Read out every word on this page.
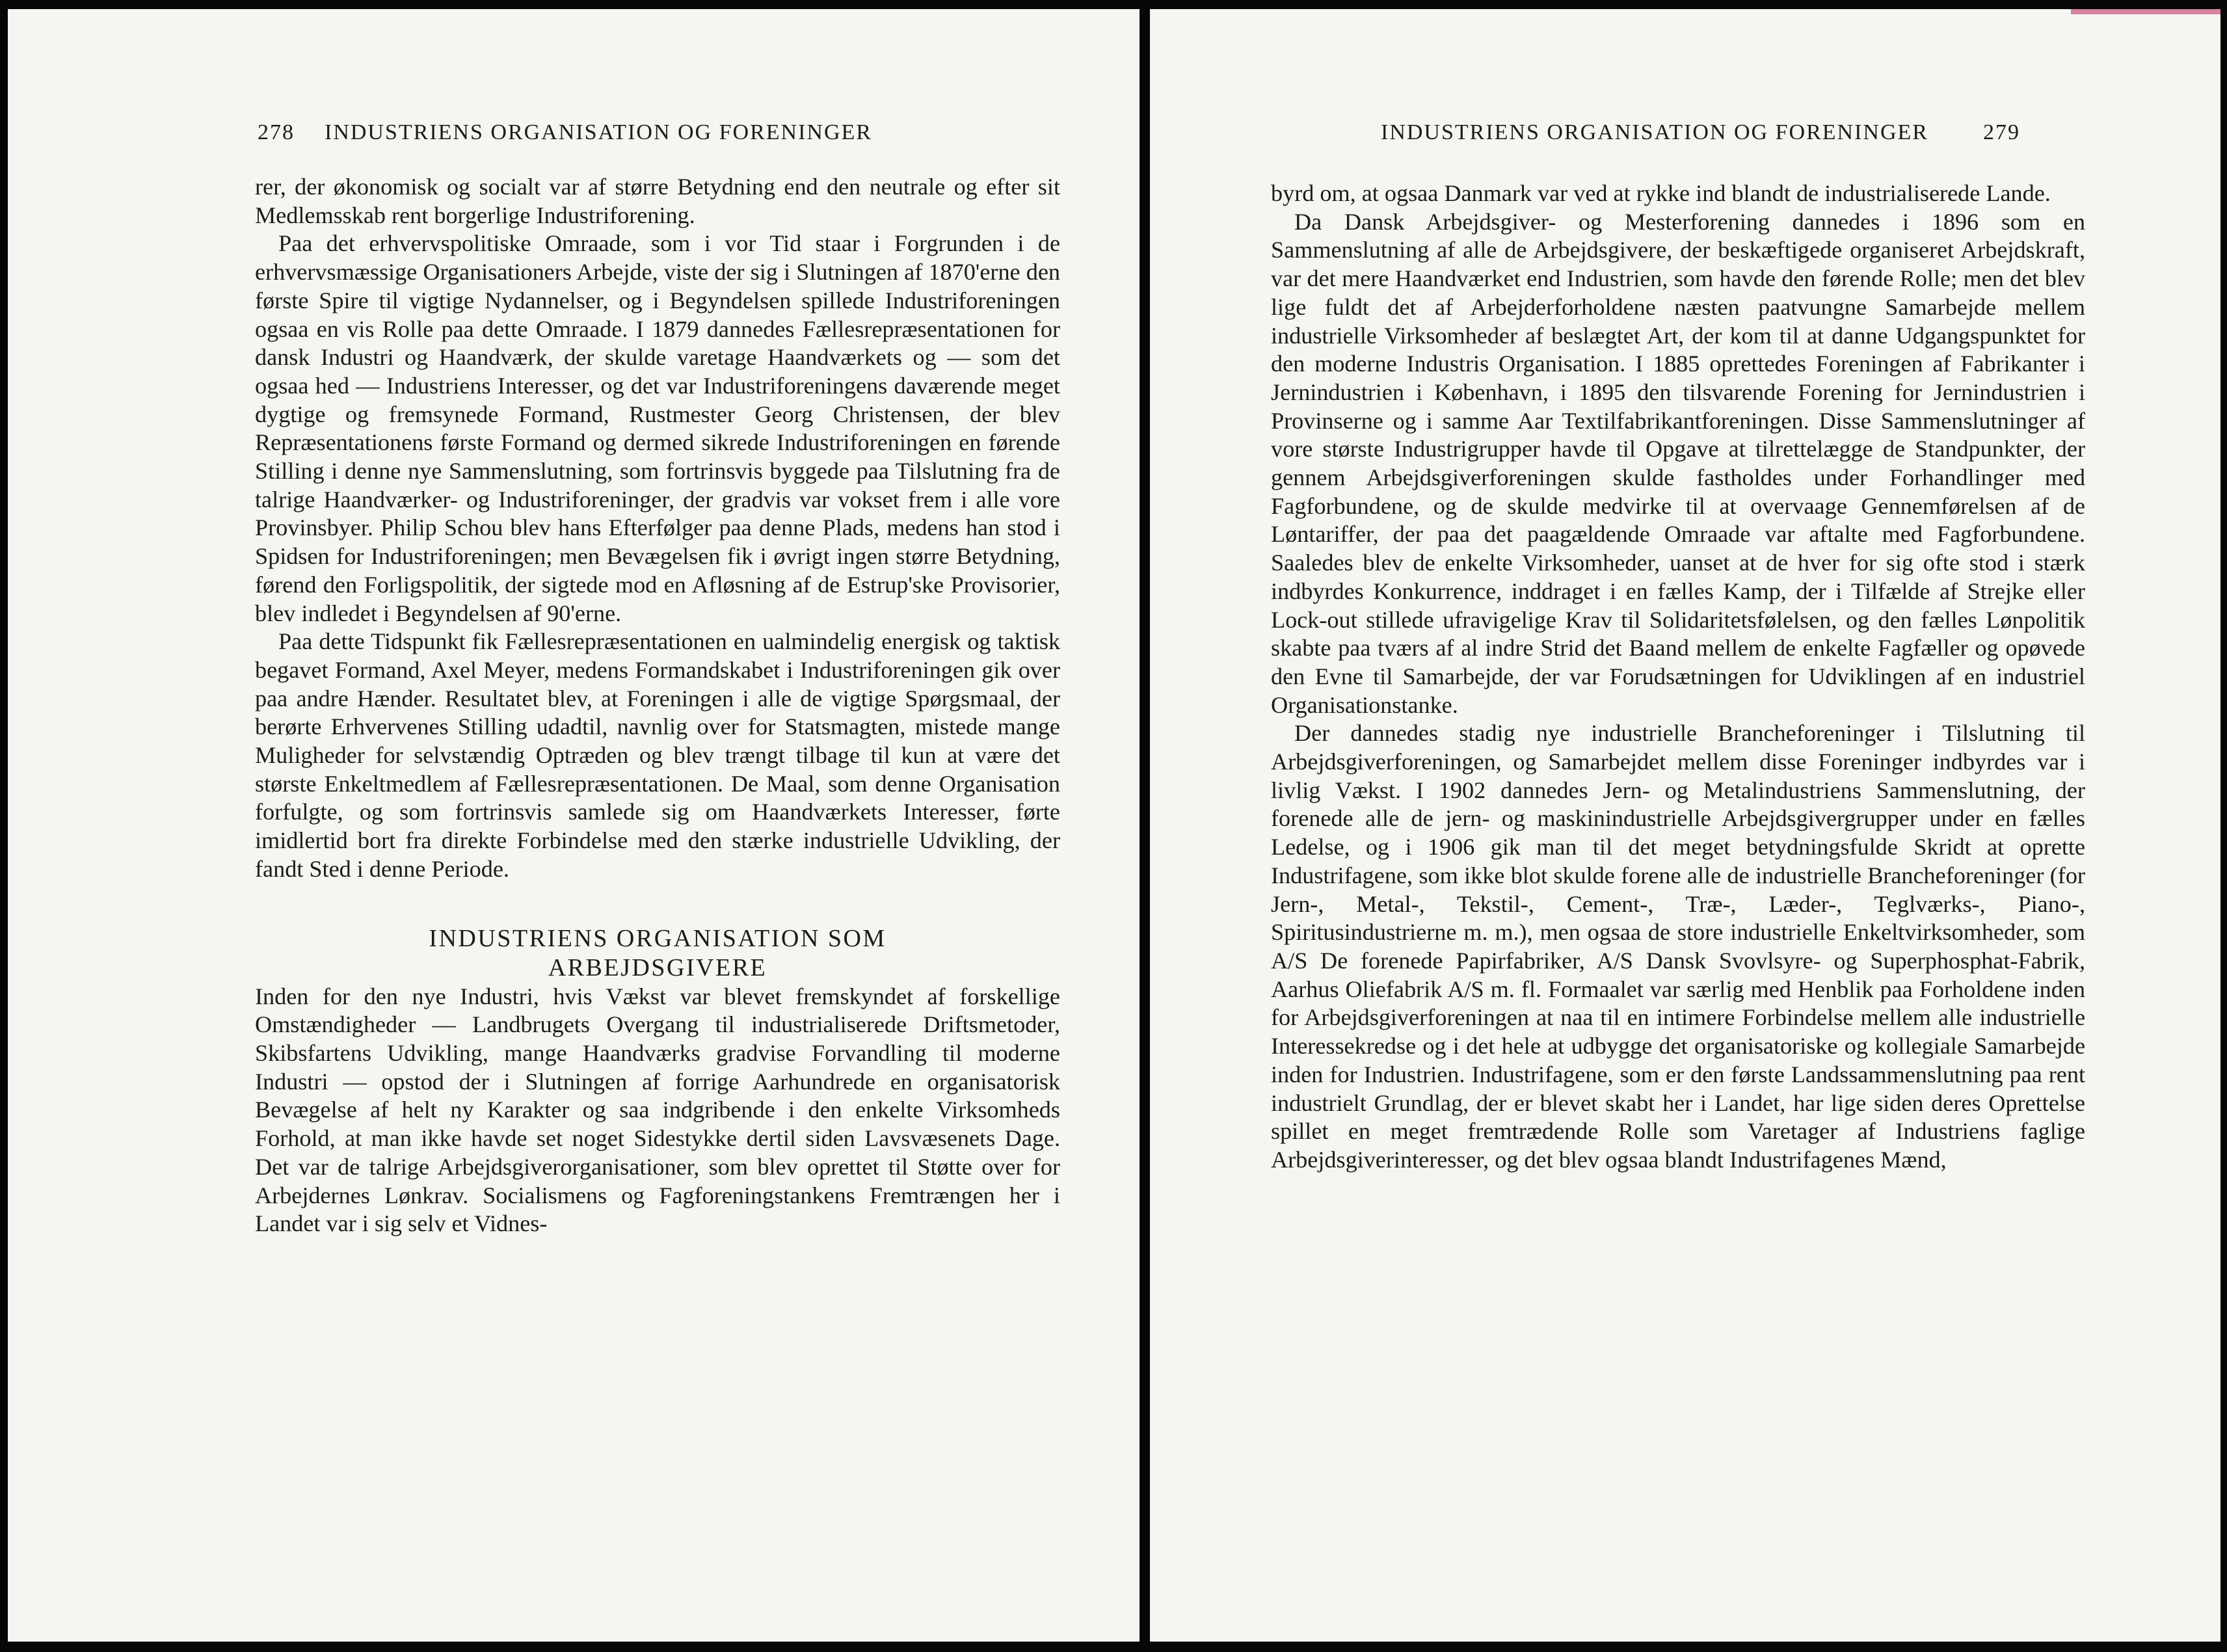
278 INDUSTRIENS ORGANISATION OG FORENINGER

rer, der økonomisk og socialt var af større Betydning end den neutrale og efter sit Medlemsskab rent borgerlige Industriforening.

Paa det erhvervspolitiske Omraade, som i vor Tid staar i Forgrunden i de erhvervsmæssige Organisationers Arbejde, viste der sig i Slutningen af 1870'erne den første Spire til vigtige Nydannelser, og i Begyndelsen spillede Industriforeningen ogsaa en vis Rolle paa dette Omraade. I 1879 dannedes Fællesrepræsentationen for dansk Industri og Haandværk, der skulde varetage Haandværkets og — som det ogsaa hed — Industriens Interesser, og det var Industriforeningens daværende meget dygtige og fremsynede Formand, Rustmester Georg Christensen, der blev Repræsentationens første Formand og dermed sikrede Industriforeningen en førende Stilling i denne nye Sammenslutning, som fortrinsvis byggede paa Tilslutning fra de talrige Haandværker- og Industriforeninger, der gradvis var vokset frem i alle vore Provinsbyer. Philip Schou blev hans Efterfølger paa denne Plads, medens han stod i Spidsen for Industriforeningen; men Bevægelsen fik i øvrigt ingen større Betydning, førend den Forligspolitik, der sigtede mod en Afløsning af de Estrup'ske Provisorier, blev indledet i Begyndelsen af 90'erne.

Paa dette Tidspunkt fik Fællesrepræsentationen en ualmindelig energisk og taktisk begavet Formand, Axel Meyer, medens Formandskabet i Industriforeningen gik over paa andre Hænder. Resultatet blev, at Foreningen i alle de vigtige Spørgsmaal, der berørte Erhvervenes Stilling udadtil, navnlig over for Statsmagten, mistede mange Muligheder for selvstændig Optræden og blev trængt tilbage til kun at være det største Enkeltmedlem af Fællesrepræsentationen. De Maal, som denne Organisation forfulgte, og som fortrinsvis samlede sig om Haandværkets Interesser, førte imidlertid bort fra direkte Forbindelse med den stærke industrielle Udvikling, der fandt Sted i denne Periode.

INDUSTRIENS ORGANISATION SOM
ARBEJDSGIVERE

Inden for den nye Industri, hvis Vækst var blevet fremskyndet af forskellige Omstændigheder — Landbrugets Overgang til industrialiserede Driftsmetoder, Skibsfartens Udvikling, mange Haandværks gradvise Forvandling til moderne Industri — opstod der i Slutningen af forrige Aarhundrede en organisatorisk Bevægelse af helt ny Karakter og saa indgribende i den enkelte Virksomheds Forhold, at man ikke havde set noget Sidestykke dertil siden Lavsvæsenets Dage. Det var de talrige Arbejdsgiverorganisationer, som blev oprettet til Støtte over for Arbejdernes Lønkrav. Socialismens og Fagforeningstankens Fremtrængen her i Landet var i sig selv et Vidnes-

INDUSTRIENS ORGANISATION OG FORENINGER 279

byrd om, at ogsaa Danmark var ved at rykke ind blandt de industrialiserede Lande.

Da Dansk Arbejdsgiver- og Mesterforening dannedes i 1896 som en Sammenslutning af alle de Arbejdsgivere, der beskæftigede organiseret Arbejdskraft, var det mere Haandværket end Industrien, som havde den førende Rolle; men det blev lige fuldt det af Arbejderforholdene næsten paatvungne Samarbejde mellem industrielle Virksomheder af beslægtet Art, der kom til at danne Udgangspunktet for den moderne Industris Organisation. I 1885 oprettedes Foreningen af Fabrikanter i Jernindustrien i København, i 1895 den tilsvarende Forening for Jernindustrien i Provinserne og i samme Aar Textilfabrikantforeningen. Disse Sammenslutninger af vore største Industrigrupper havde til Opgave at tilrettelægge de Standpunkter, der gennem Arbejdsgiverforeningen skulde fastholdes under Forhandlinger med Fagforbundene, og de skulde medvirke til at overvaage Gennemførelsen af de Løntariffer, der paa det paagældende Omraade var aftalte med Fagforbundene. Saaledes blev de enkelte Virksomheder, uanset at de hver for sig ofte stod i stærk indbyrdes Konkurrence, inddraget i en fælles Kamp, der i Tilfælde af Strejke eller Lock-out stillede ufravigelige Krav til Solidaritetsfølelsen, og den fælles Lønpolitik skabte paa tværs af al indre Strid det Baand mellem de enkelte Fagfæller og opøvede den Evne til Samarbejde, der var Forudsætningen for Udviklingen af en industriel Organisationstanke.

Der dannedes stadig nye industrielle Brancheforeninger i Tilslutning til Arbejdsgiverforeningen, og Samarbejdet mellem disse Foreninger indbyrdes var i livlig Vækst. I 1902 dannedes Jern- og Metalindustriens Sammenslutning, der forenede alle de jern- og maskinindustrielle Arbejdsgivergrupper under en fælles Ledelse, og i 1906 gik man til det meget betydningsfulde Skridt at oprette Industrifagene, som ikke blot skulde forene alle de industrielle Brancheforeninger (for Jern-, Metal-, Tekstil-, Cement-, Træ-, Læder-, Teglværks-, Piano-, Spiritusindustrierne m. m.), men ogsaa de store industrielle Enkeltvirksomheder, som A/S De forenede Papirfabriker, A/S Dansk Svovlsyre- og Superphosphat-Fabrik, Aarhus Oliefabrik A/S m. fl. Formaalet var særlig med Henblik paa Forholdene inden for Arbejdsgiverforeningen at naa til en intimere Forbindelse mellem alle industrielle Interessekredse og i det hele at udbygge det organisatoriske og kollegiale Samarbejde inden for Industrien. Industrifagene, som er den første Landssammenslutning paa rent industrielt Grundlag, der er blevet skabt her i Landet, har lige siden deres Oprettelse spillet en meget fremtrædende Rolle som Varetager af Industriens faglige Arbejdsgiverinteresser, og det blev ogsaa blandt Industrifagenes Mænd,
